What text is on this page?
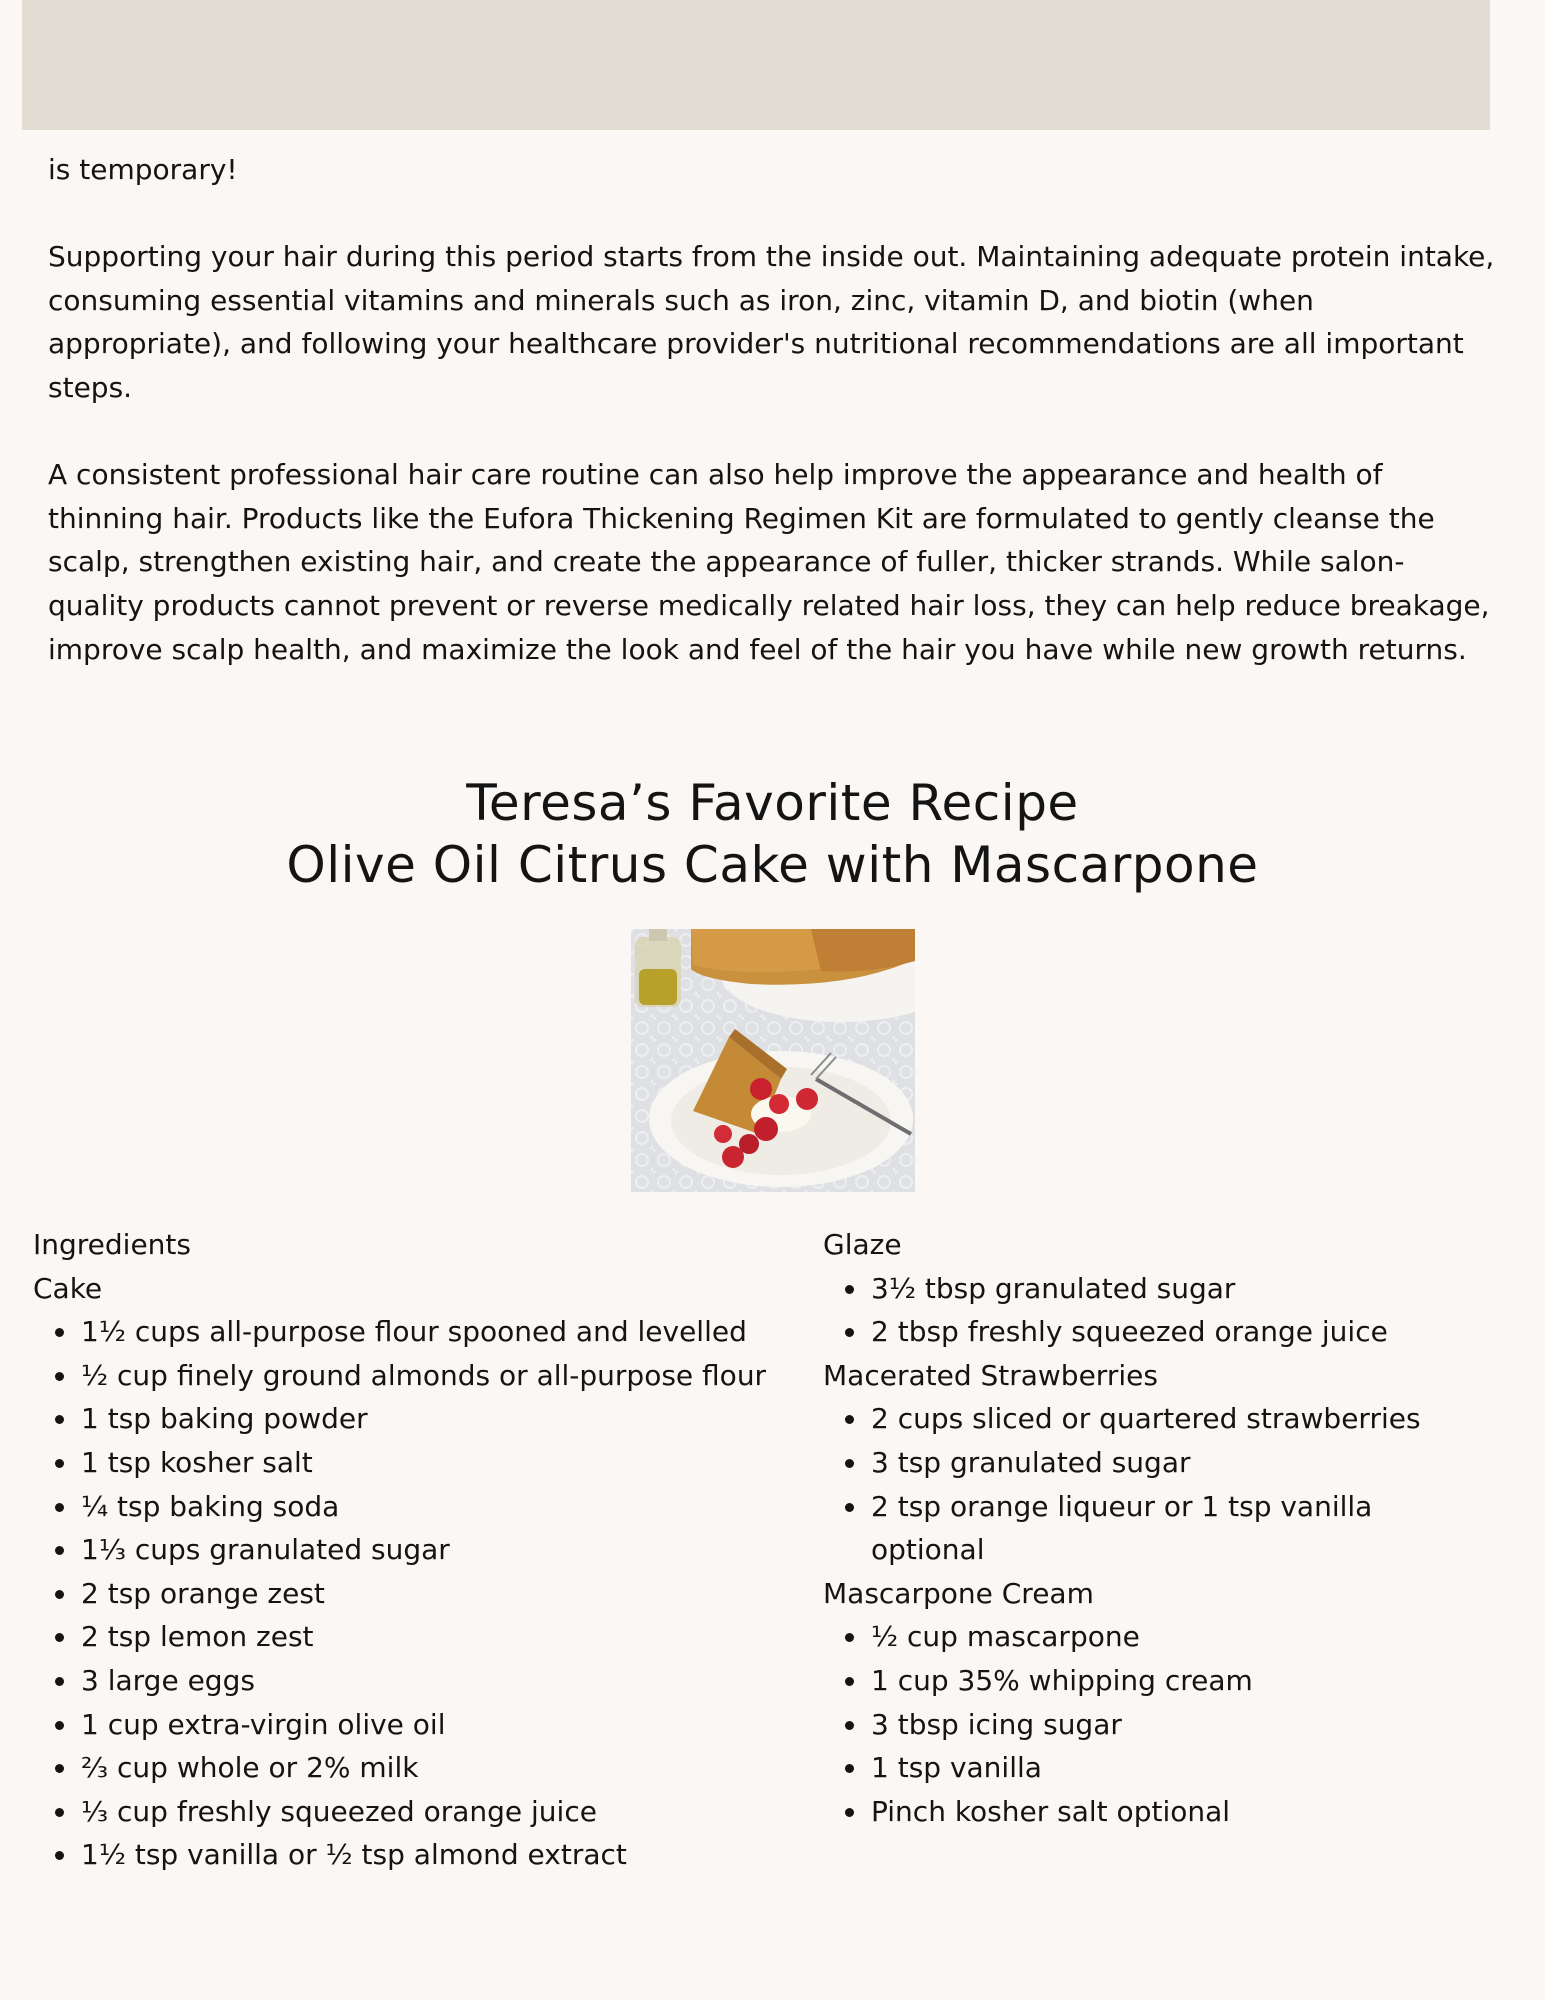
is temporary!

Supporting your hair during this period starts from the inside out. Maintaining adequate protein intake, consuming essential vitamins and minerals such as iron, zinc, vitamin D, and biotin (when appropriate), and following your healthcare provider's nutritional recommendations are all important steps.

A consistent professional hair care routine can also help improve the appearance and health of thinning hair. Products like the Eufora Thickening Regimen Kit are formulated to gently cleanse the scalp, strengthen existing hair, and create the appearance of fuller, thicker strands. While salon-quality products cannot prevent or reverse medically related hair loss, they can help reduce breakage, improve scalp health, and maximize the look and feel of the hair you have while new growth returns.

Teresa’s Favorite Recipe
Olive Oil Citrus Cake with Mascarpone

Ingredients

Cake

1½ cups all-purpose flour spooned and levelled
½ cup finely ground almonds or all-purpose flour
1 tsp baking powder
1 tsp kosher salt
¼ tsp baking soda
1⅓ cups granulated sugar
2 tsp orange zest
2 tsp lemon zest
3 large eggs
1 cup extra-virgin olive oil
⅔ cup whole or 2% milk
⅓ cup freshly squeezed orange juice
1½ tsp vanilla or ½ tsp almond extract

Glaze

3½ tbsp granulated sugar
2 tbsp freshly squeezed orange juice

Macerated Strawberries

2 cups sliced or quartered strawberries
3 tsp granulated sugar
2 tsp orange liqueur or 1 tsp vanilla optional

Mascarpone Cream

½ cup mascarpone
1 cup 35% whipping cream
3 tbsp icing sugar
1 tsp vanilla
Pinch kosher salt optional
